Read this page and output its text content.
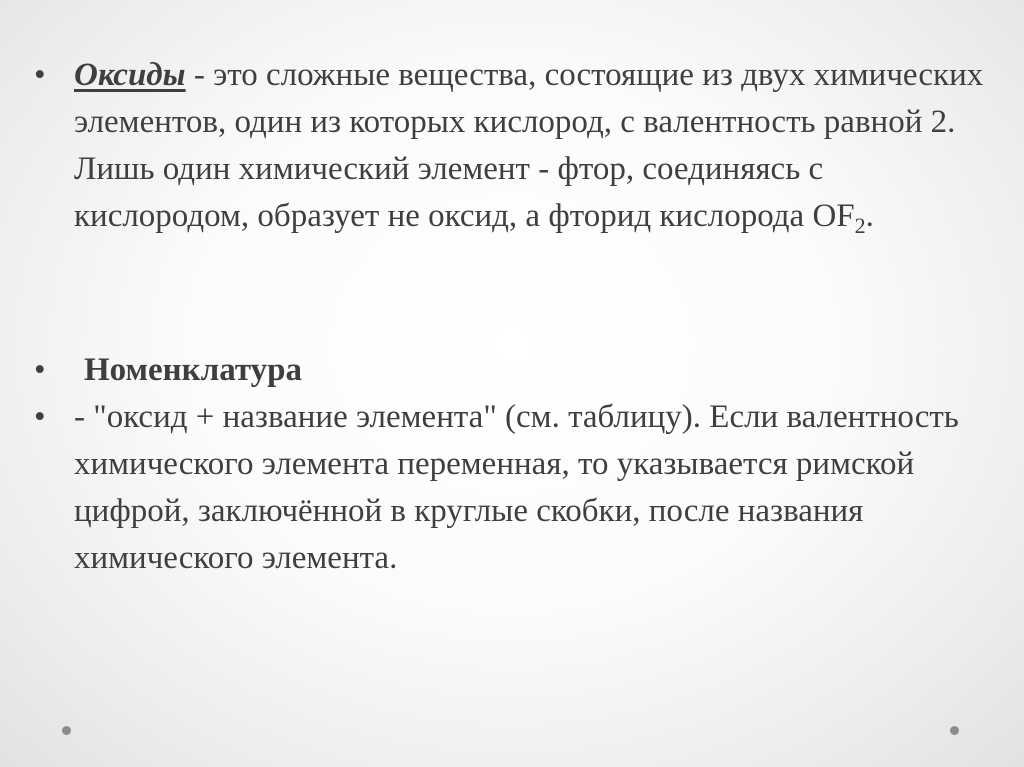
• Оксиды - это сложные вещества, состоящие из двух химических элементов, один из которых кислород, с валентность равной 2. Лишь один химический элемент - фтор, соединяясь с кислородом, образует не оксид, а фторид кислорода $OF_2$.
•	Номенклатура
• - "оксид + название элемента" (см. таблицу). Если валентность химического элемента переменная, то указывается римской цифрой, заключённой в круглые скобки, после названия химического элемента.
